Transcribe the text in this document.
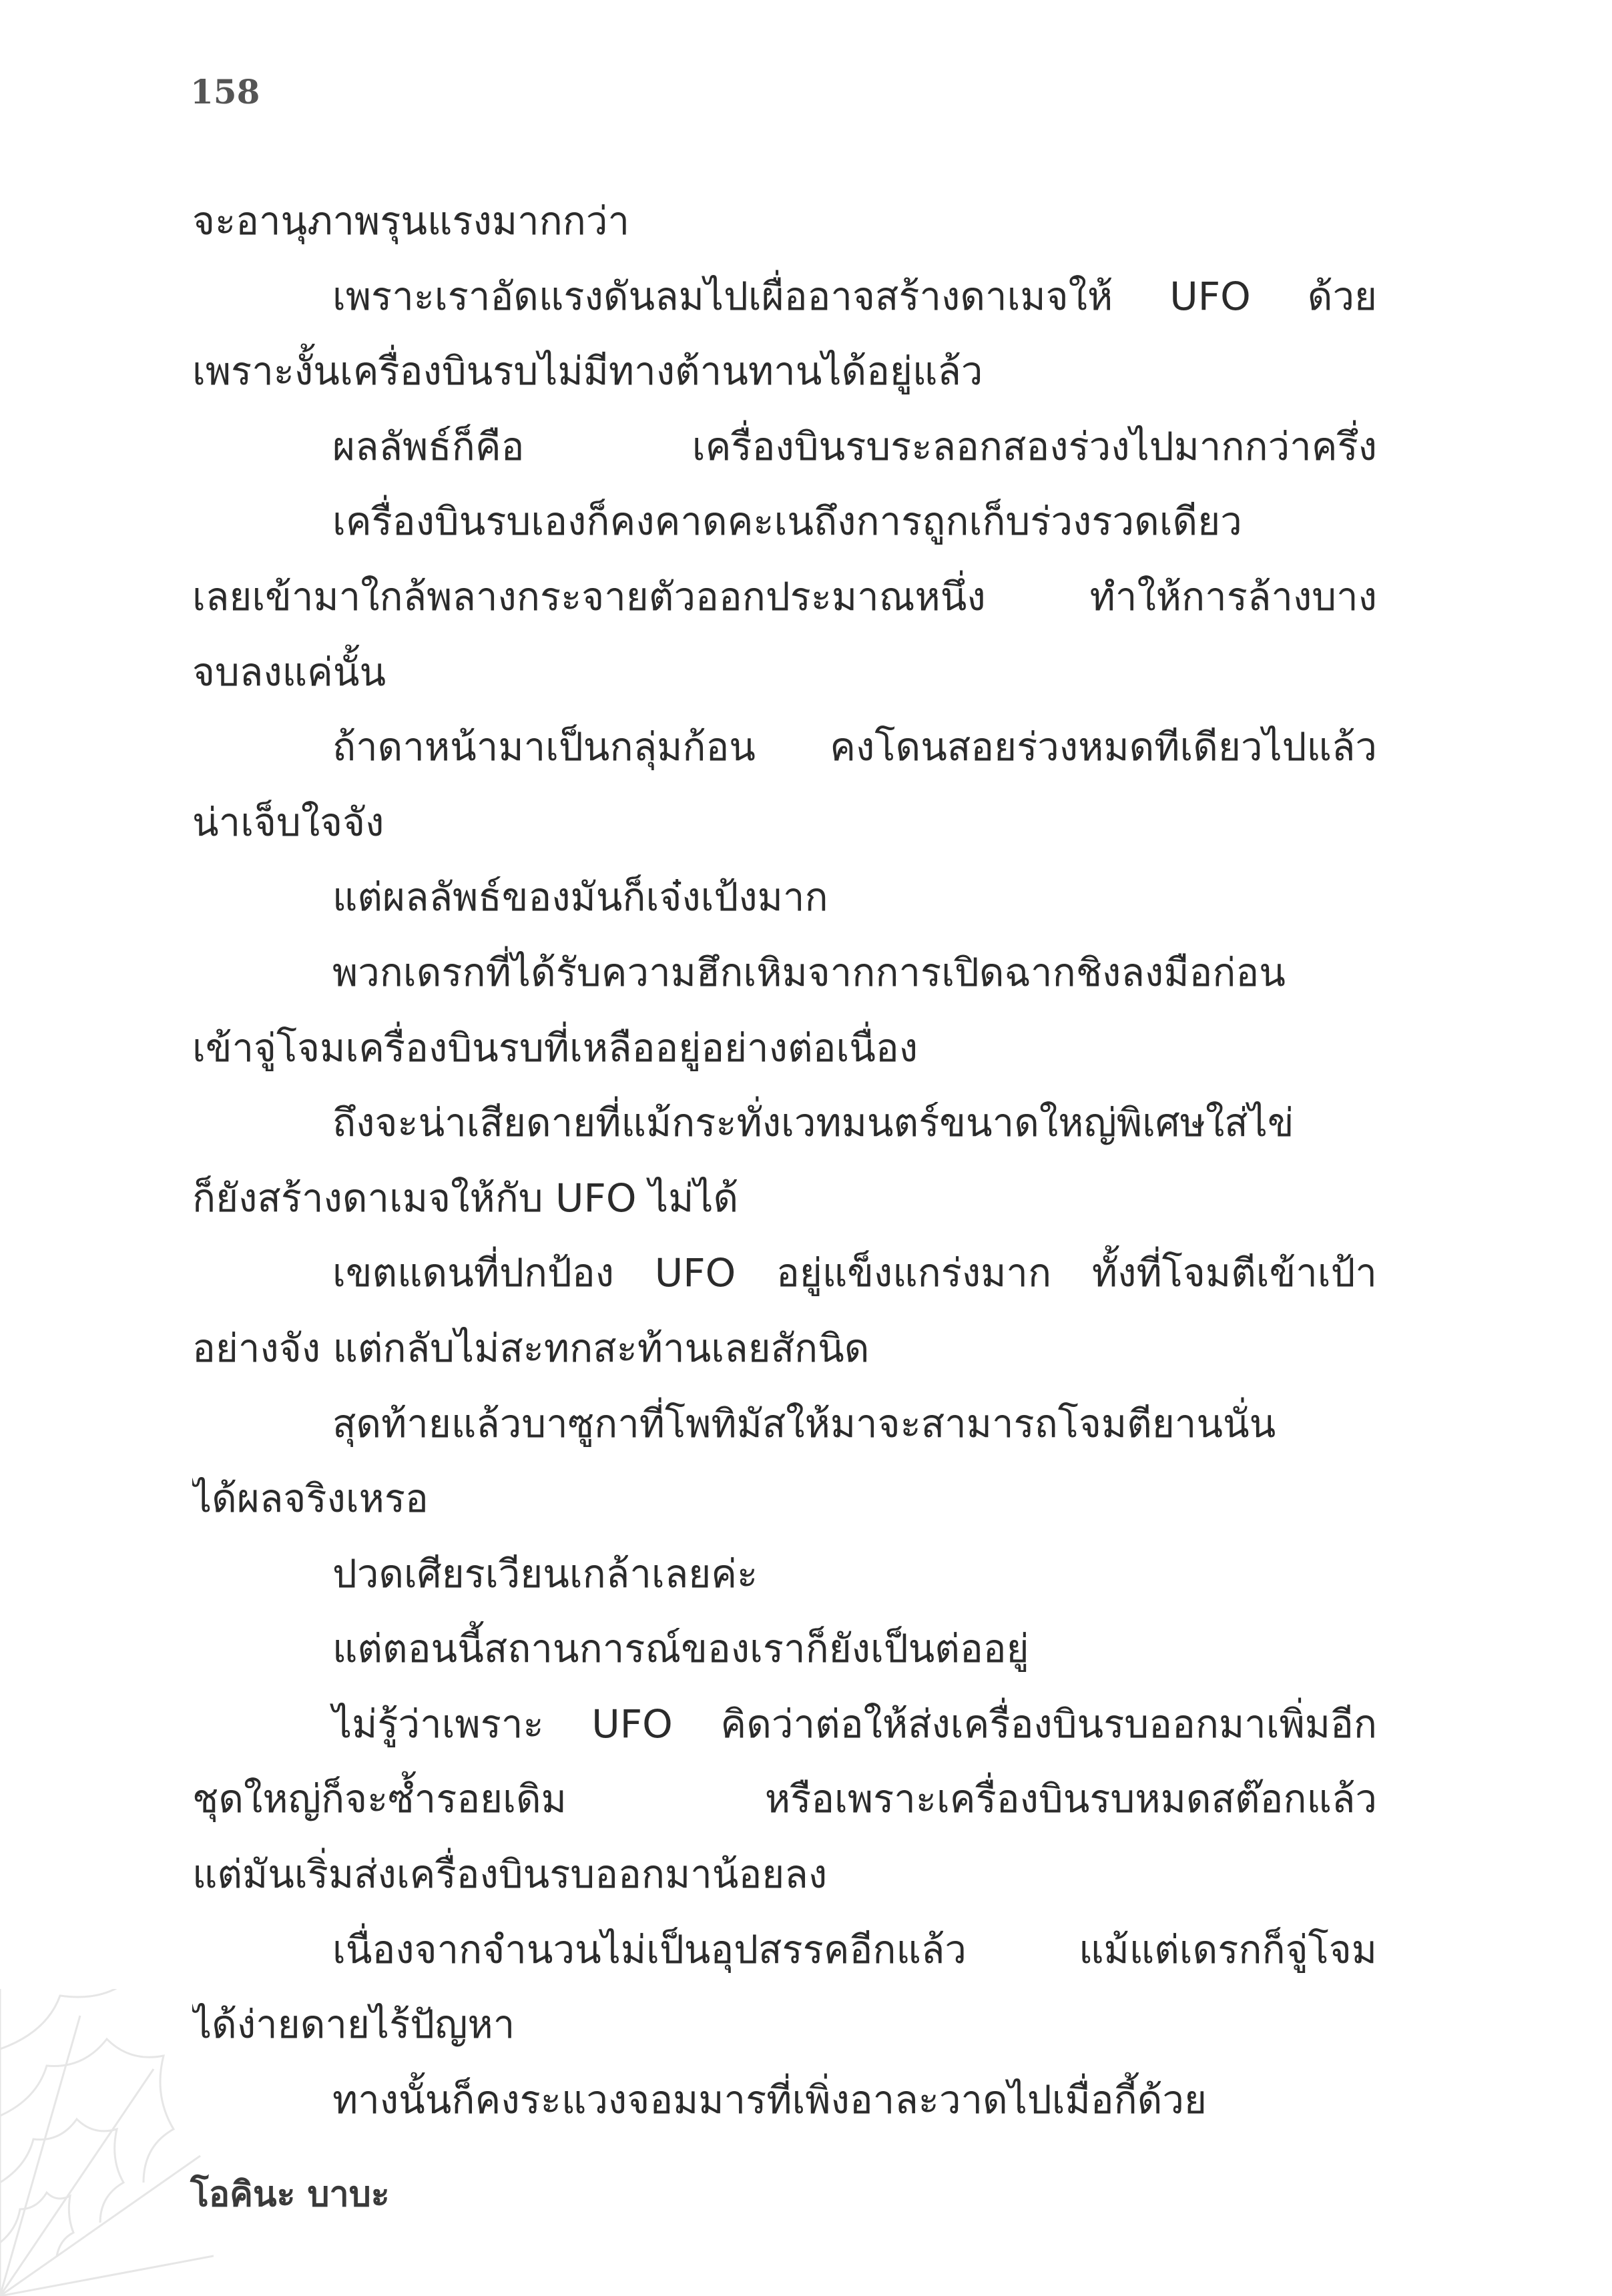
158
จะอานุภาพรุนแรงมากกว่า
เพราะเราอัดแรงดันลมไปเผื่ออาจสร้างดาเมจให้ UFO ด้วย
เพราะงั้นเครื่องบินรบไม่มีทางต้านทานได้อยู่แล้ว
ผลลัพธ์ก็คือ เครื่องบินรบระลอกสองร่วงไปมากกว่าครึ่ง
เครื่องบินรบเองก็คงคาดคะเนถึงการถูกเก็บร่วงรวดเดียว
เลยเข้ามาใกล้พลางกระจายตัวออกประมาณหนึ่ง ทำให้การล้างบาง
จบลงแค่นั้น
ถ้าดาหน้ามาเป็นกลุ่มก้อน คงโดนสอยร่วงหมดทีเดียวไปแล้ว
น่าเจ็บใจจัง
แต่ผลลัพธ์ของมันก็เจ๋งเป้งมาก
พวกเดรกที่ได้รับความฮึกเหิมจากการเปิดฉากชิงลงมือก่อน
เข้าจู่โจมเครื่องบินรบที่เหลืออยู่อย่างต่อเนื่อง
ถึงจะน่าเสียดายที่แม้กระทั่งเวทมนตร์ขนาดใหญ่พิเศษใส่ไข่
ก็ยังสร้างดาเมจให้กับ UFO ไม่ได้
เขตแดนที่ปกป้อง UFO อยู่แข็งแกร่งมาก ทั้งที่โจมตีเข้าเป้า
อย่างจัง แต่กลับไม่สะทกสะท้านเลยสักนิด
สุดท้ายแล้วบาซูกาที่โพทิมัสให้มาจะสามารถโจมตียานนั่น
ได้ผลจริงเหรอ
ปวดเศียรเวียนเกล้าเลยค่ะ
แต่ตอนนี้สถานการณ์ของเราก็ยังเป็นต่ออยู่
ไม่รู้ว่าเพราะ UFO คิดว่าต่อให้ส่งเครื่องบินรบออกมาเพิ่มอีก
ชุดใหญ่ก็จะซ้ำรอยเดิม หรือเพราะเครื่องบินรบหมดสต๊อกแล้ว
แต่มันเริ่มส่งเครื่องบินรบออกมาน้อยลง
เนื่องจากจำนวนไม่เป็นอุปสรรคอีกแล้ว แม้แต่เดรกก็จู่โจม
ได้ง่ายดายไร้ปัญหา
ทางนั้นก็คงระแวงจอมมารที่เพิ่งอาละวาดไปเมื่อกี้ด้วย
โอคินะ บาบะ
